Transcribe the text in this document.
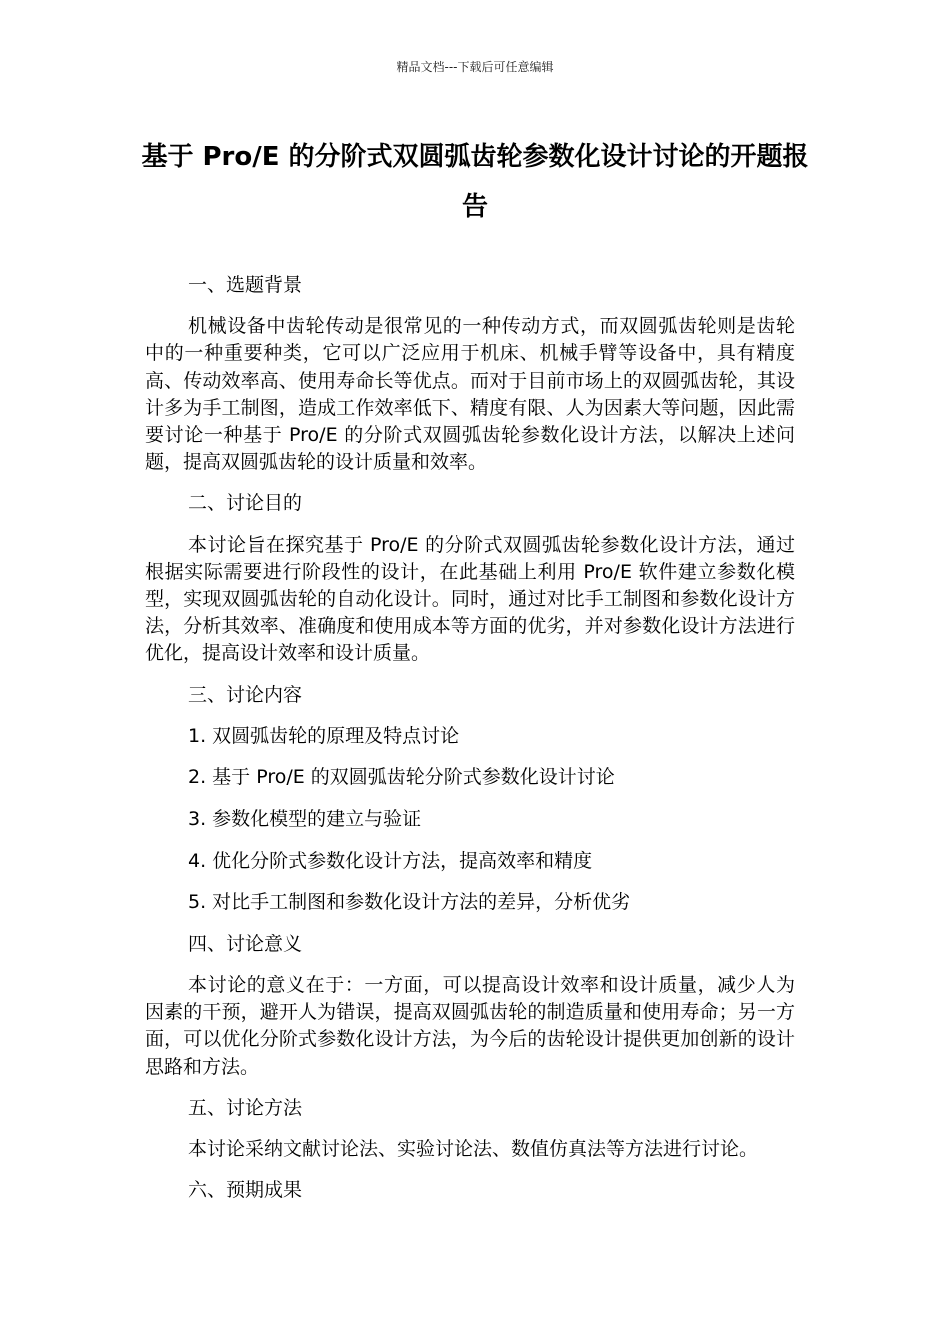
精品文档---下载后可任意编辑
基于 Pro/E 的分阶式双圆弧齿轮参数化设计讨论的开题报告

一、选题背景

机械设备中齿轮传动是很常见的一种传动方式，而双圆弧齿轮则是齿轮中的一种重要种类，它可以广泛应用于机床、机械手臂等设备中，具有精度高、传动效率高、使用寿命长等优点。而对于目前市场上的双圆弧齿轮，其设计多为手工制图，造成工作效率低下、精度有限、人为因素大等问题，因此需要讨论一种基于 Pro/E 的分阶式双圆弧齿轮参数化设计方法，以解决上述问题，提高双圆弧齿轮的设计质量和效率。

二、讨论目的

本讨论旨在探究基于 Pro/E 的分阶式双圆弧齿轮参数化设计方法，通过根据实际需要进行阶段性的设计，在此基础上利用 Pro/E 软件建立参数化模型，实现双圆弧齿轮的自动化设计。同时，通过对比手工制图和参数化设计方法，分析其效率、准确度和使用成本等方面的优劣，并对参数化设计方法进行优化，提高设计效率和设计质量。

三、讨论内容

1. 双圆弧齿轮的原理及特点讨论

2. 基于 Pro/E 的双圆弧齿轮分阶式参数化设计讨论

3. 参数化模型的建立与验证

4. 优化分阶式参数化设计方法，提高效率和精度

5. 对比手工制图和参数化设计方法的差异，分析优劣

四、讨论意义

本讨论的意义在于：一方面，可以提高设计效率和设计质量，减少人为因素的干预，避开人为错误，提高双圆弧齿轮的制造质量和使用寿命；另一方面，可以优化分阶式参数化设计方法，为今后的齿轮设计提供更加创新的设计思路和方法。

五、讨论方法

本讨论采纳文献讨论法、实验讨论法、数值仿真法等方法进行讨论。

六、预期成果
